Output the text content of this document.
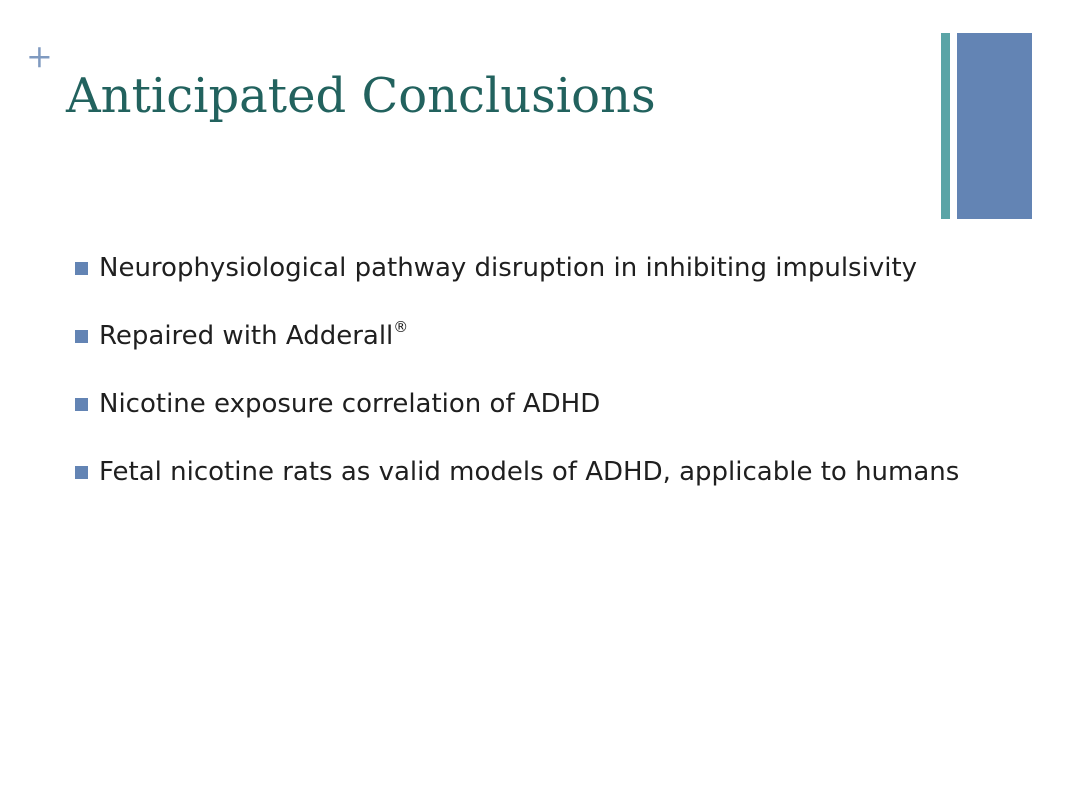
+
Anticipated Conclusions
Neurophysiological pathway disruption in inhibiting impulsivity
Repaired with Adderall®
Nicotine exposure correlation of ADHD
Fetal nicotine rats as valid models of ADHD, applicable to humans
